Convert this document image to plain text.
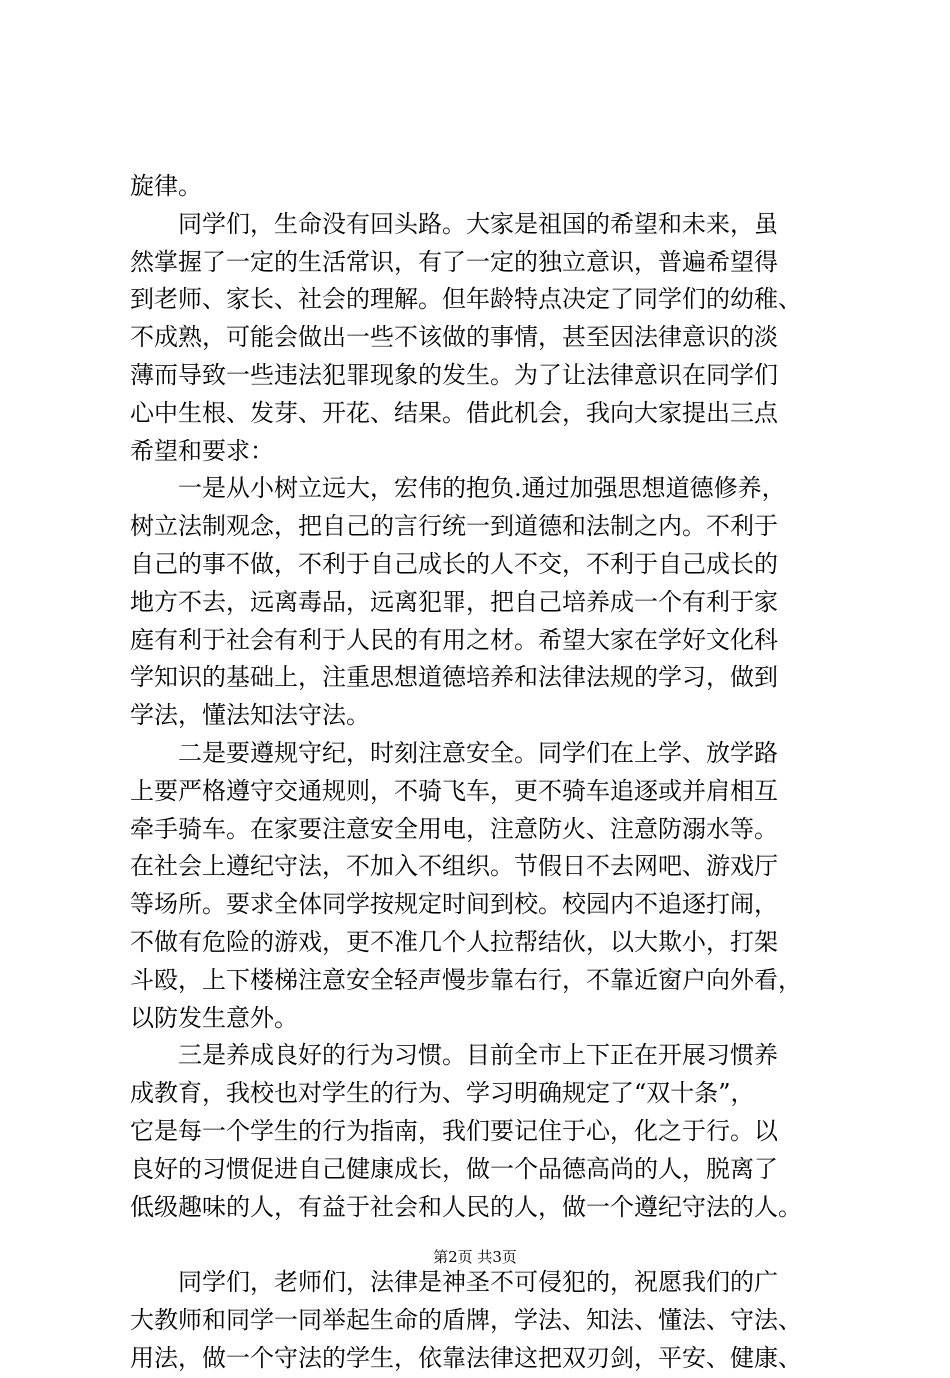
旋律。
同学们，生命没有回头路。大家是祖国的希望和未来，虽
然掌握了一定的生活常识，有了一定的独立意识，普遍希望得
到老师、家长、社会的理解。但年龄特点决定了同学们的幼稚、
不成熟，可能会做出一些不该做的事情，甚至因法律意识的淡
薄而导致一些违法犯罪现象的发生。为了让法律意识在同学们
心中生根、发芽、开花、结果。借此机会，我向大家提出三点
希望和要求：
一是从小树立远大，宏伟的抱负.通过加强思想道德修养，
树立法制观念，把自己的言行统一到道德和法制之内。不利于
自己的事不做，不利于自己成长的人不交，不利于自己成长的
地方不去，远离毒品，远离犯罪，把自己培养成一个有利于家
庭有利于社会有利于人民的有用之材。希望大家在学好文化科
学知识的基础上，注重思想道德培养和法律法规的学习，做到
学法，懂法知法守法。
二是要遵规守纪，时刻注意安全。同学们在上学、放学路
上要严格遵守交通规则，不骑飞车，更不骑车追逐或并肩相互
牵手骑车。在家要注意安全用电，注意防火、注意防溺水等。
在社会上遵纪守法，不加入不组织。节假日不去网吧、游戏厅
等场所。要求全体同学按规定时间到校。校园内不追逐打闹，
不做有危险的游戏，更不准几个人拉帮结伙，以大欺小，打架
斗殴，上下楼梯注意安全轻声慢步靠右行，不靠近窗户向外看，
以防发生意外。
三是养成良好的行为习惯。目前全市上下正在开展习惯养
成教育，我校也对学生的行为、学习明确规定了“双十条”，
它是每一个学生的行为指南，我们要记住于心，化之于行。以
良好的习惯促进自己健康成长，做一个品德高尚的人，脱离了
低级趣味的人，有益于社会和人民的人，做一个遵纪守法的人。
同学们，老师们，法律是神圣不可侵犯的，祝愿我们的广
大教师和同学一同举起生命的盾牌，学法、知法、懂法、守法、
用法，做一个守法的学生，依靠法律这把双刃剑，平安、健康、
第2页 共3页
